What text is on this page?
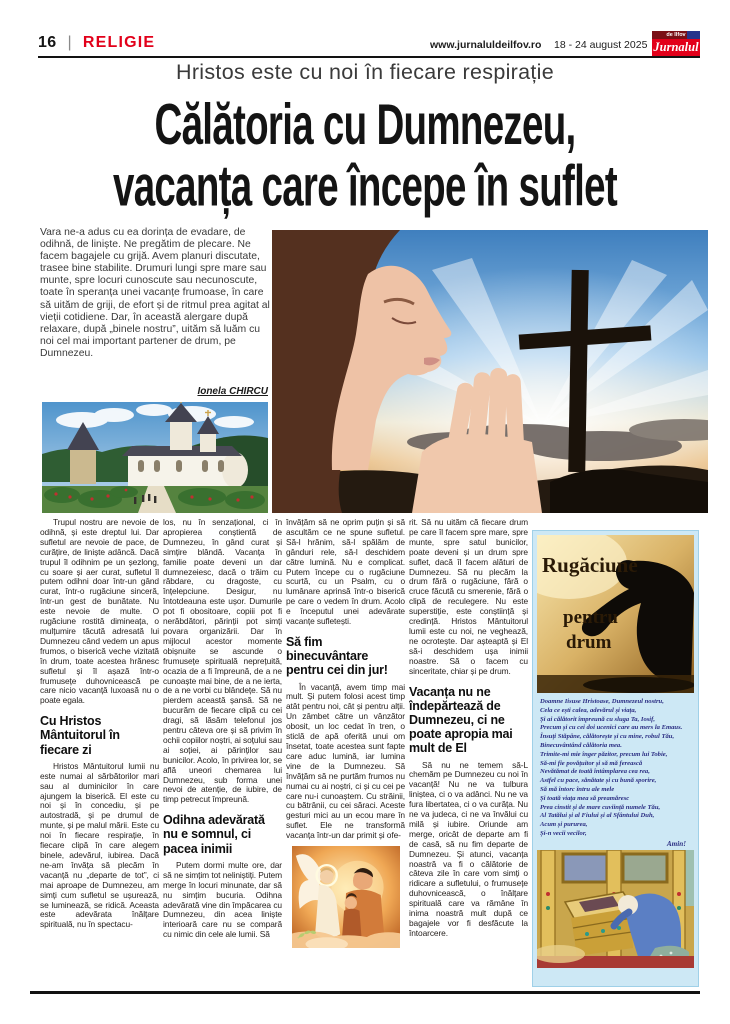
16 | RELIGIE	www.jurnaluldeilfov.ro 18 - 24 august 2025
de Ilfov
Jurnalul
Hristos este cu noi în fiecare respirație
Călătoria cu Dumnezeu,
vacanța care începe în suflet
Vara ne-a adus cu ea dorința de evadare, de odihnă, de liniște. Ne pregătim de plecare. Ne facem bagajele cu grijă. Avem planuri discutate, trasee bine stabilite. Drumuri lungi spre mare sau munte, spre locuri cunoscute sau necunoscute, toate în speranța unei vacanțe frumoase, în care să uităm de griji, de efort și de ritmul prea agitat al vieții cotidiene. Dar, în această alergare după relaxare, după „binele nostru”, uităm să luăm cu noi cel mai important partener de drum, pe Dumnezeu.
Ionela CHIRCU

Trupul nostru are nevoie de odihnă, și este dreptul lui. Dar sufletul are nevoie de pace, de curățire, de liniște adâncă. Dacă trupul îl odihnim pe un șezlong, cu soare și aer curat, sufletul îl putem odihni doar într-un gând curat, într-o rugăciune sinceră, într-un gest de bunătate. Nu este nevoie de multe. O rugăciune rostită dimineața, o mulțumire tăcută adresată lui Dumnezeu când vedem un apus frumos, o biserică veche vizitată în drum, toate acestea hrănesc sufletul și îl așază într-o frumusețe duhovnicească pe care nicio vacanță luxoasă nu o poate egala.

Cu Hristos Mântuitorul în fiecare zi

Hristos Mântuitorul lumii nu este numai al sărbătorilor mari sau al duminicilor în care ajungem la biserică. El este cu noi și în concediu, și pe autostradă, și pe drumul de munte, și pe malul mării. Este cu noi în fiecare respirație, în fiecare clipă în care alegem binele, adevărul, iubirea. Dacă ne-am învăța să plecăm în vacanță nu „departe de tot”, ci mai aproape de Dumnezeu, am simți cum sufletul se ușurează, se luminează, se ridică. Aceasta este adevărata înălțare spirituală, nu în spectacu-

los, nu în senzațional, ci în apropierea conștientă de Dumnezeu, în gând curat și simțire blândă. Vacanța în familie poate deveni un dar dumnezeiesc, dacă o trăim cu răbdare, cu dragoste, cu înțelepciune. Desigur, nu întotdeauna este ușor. Dumurile pot fi obositoare, copiii pot fi nerăbdători, părinții pot simți povara organizării. Dar în mijlocul acestor momente obișnuite se ascunde o frumusețe spirituală neprețuită, ocazia de a fi împreună, de a ne cunoaște mai bine, de a ne ierta, de a ne vorbi cu blândețe. Să nu pierdem această șansă. Să ne bucurăm de fiecare clipă cu cei dragi, să lăsăm telefonul jos pentru câteva ore și să privim în ochii copiilor noștri, ai soțului sau ai soției, ai părinților sau bunicilor. Acolo, în privirea lor, se află uneori chemarea lui Dumnezeu, sub forma unei nevoi de atenție, de iubire, de timp petrecut împreună.

Odihna adevărată nu e somnul, ci pacea inimii

Putem dormi multe ore, dar să ne simțim tot neliniștiți. Putem merge în locuri minunate, dar să nu simțim bucuria. Odihna adevărată vine din împăcarea cu Dumnezeu, din acea liniște interioară care nu se compară cu nimic din cele ale lumii. Să

învățăm să ne oprim puțin și să ascultăm ce ne spune sufletul. Să-l hrănim, să-l spălăm de gânduri rele, să-l deschidem către lumină. Nu e complicat. Putem începe cu o rugăciune scurtă, cu un Psalm, cu o lumânare aprinsă într-o biserică pe care o vedem în drum. Acolo e începutul unei adevărate vacanțe sufletești.

Să fim binecuvântare pentru cei din jur!

În vacanță, avem timp mai mult. Și putem folosi acest timp atât pentru noi, cât și pentru alții. Un zâmbet către un vânzător obosit, un loc cedat în tren, o sticlă de apă oferită unui om însetat, toate acestea sunt fapte care aduc lumină, iar lumina vine de la Dumnezeu. Să învățăm să ne purtăm frumos nu numai cu ai noștri, ci și cu cei pe care nu-i cunoaștem. Cu străinii, cu bătrânii, cu cei săraci. Aceste gesturi mici au un ecou mare în suflet. Ele ne transformă vacanța într-un dar primit și ofe-

rit. Să nu uităm că fiecare drum pe care îl facem spre mare, spre munte, spre satul bunicilor, poate deveni și un drum spre suflet, dacă îl facem alături de Dumnezeu. Să nu plecăm la drum fără o rugăciune, fără o cruce făcută cu smerenie, fără o clipă de reculegere. Nu este superstiție, este conștiință și credință. Hristos Mântuitorul lumii este cu noi, ne veghează, ne ocrotește. Dar așteaptă și El să-i deschidem ușa inimii noastre. Să o facem cu sinceritate, chiar și pe drum.

Vacanța nu ne îndepărtează de Dumnezeu, ci ne poate apropia mai mult de El

Să nu ne temem să-L chemăm pe Dumnezeu cu noi în vacanță! Nu ne va tulbura liniștea, ci o va adânci. Nu ne va fura libertatea, ci o va curăța. Nu ne va judeca, ci ne va învălui cu milă și iubire. Oriunde am merge, oricât de departe am fi de casă, să nu fim departe de Dumnezeu. Și atunci, vacanța noastră va fi o călătorie de câteva zile în care vom simți o ridicare a sufletului, o frumusețe duhovnicească, o înălțare spirituală care va rămâne în inima noastră mult după ce bagajele vor fi desfăcute la întoarcere.

Rugăciune
pentru
drum
Doamne Iisuse Hristoase, Dumnezeul nostru,
Cela ce ești calea, adevărul și viața,
Și ai călătorit împreună cu sluga Ta, Iosif,
Precum și cu cei doi ucenici care au mers la Emaus.
Însuți Stăpâne, călătorește și cu mine, robul Tău,
Binecuvântând călătoria mea.
Trimite-mi mie înger păzitor, precum lui Tobie,
Să-mi fie povățuitor și să mă ferească
Nevătămat de toată întâmplarea cea rea,
Astfel cu pace, sănătate și cu bună sporire,
Să mă întorc întru ale mele
Și toată viața mea să preamăresc
Prea cinstit și de mare cuviință numele Tău,
Al Tatălui și al Fiului și al Sfântului Duh,
Acum și pururea,
Și-n vecii vecilor,
Amin!
